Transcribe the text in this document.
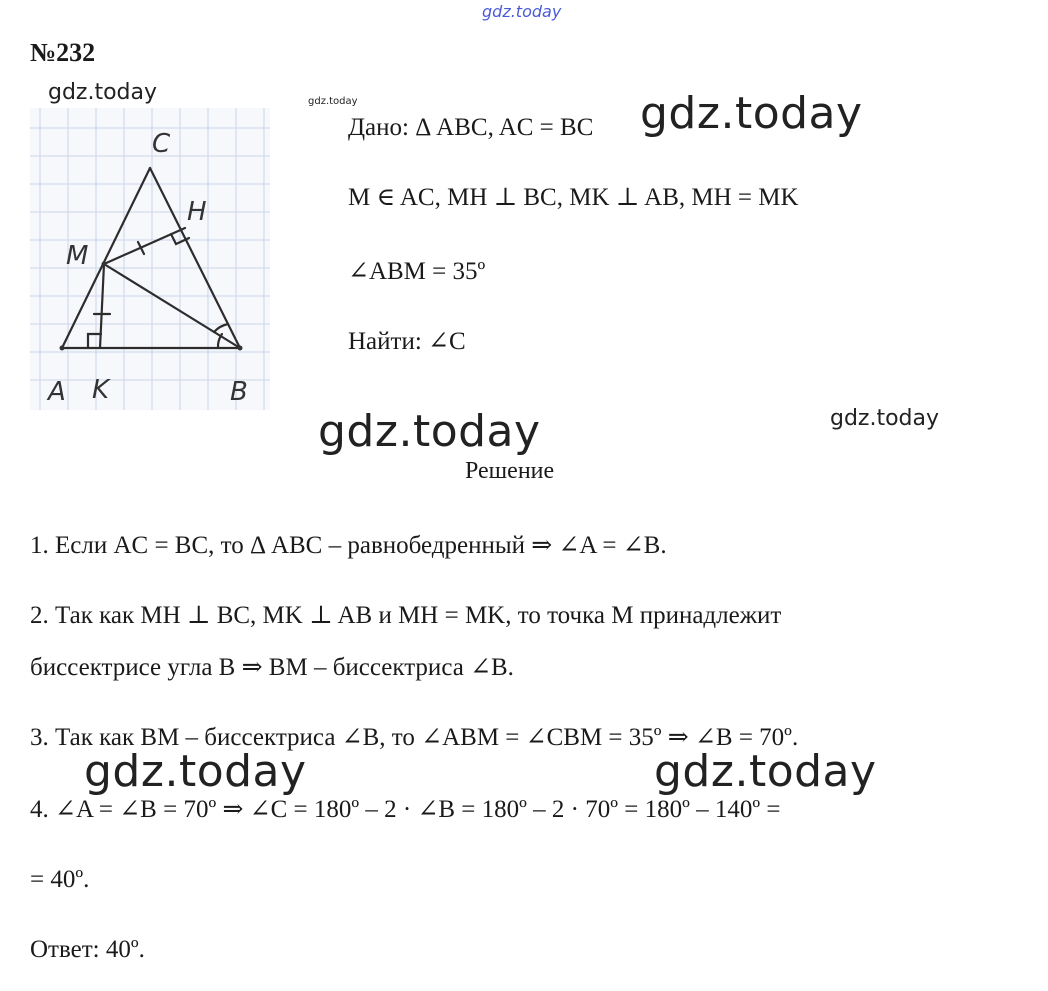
gdz.today
№232
gdz.today	gdz.today
C
H
M
A K	B
Дано: Δ ABC, AC = BC
M ∈ AC, MH ⊥ BC, MK ⊥ AB, MH = MK
∠ABM = 35º
Найти: ∠C
gdz.today
gdz.today	gdz.today
Решение
1. Если AC = BC, то Δ ABC – равнобедренный ⇒ ∠A = ∠B.
2. Так как MH ⊥ BC, MK ⊥ AB и MH = MK, то точка M принадлежит
биссектрисе угла B ⇒ BM – биссектриса ∠B.
3. Так как BM – биссектриса ∠B, то ∠ABM = ∠CBM = 35º ⇒ ∠B = 70º.
4. ∠A = ∠B = 70º ⇒ ∠C = 180º – 2 · ∠B = 180º – 2 · 70º = 180º – 140º =
= 40º.
Ответ: 40º.
gdz.today	gdz.today
